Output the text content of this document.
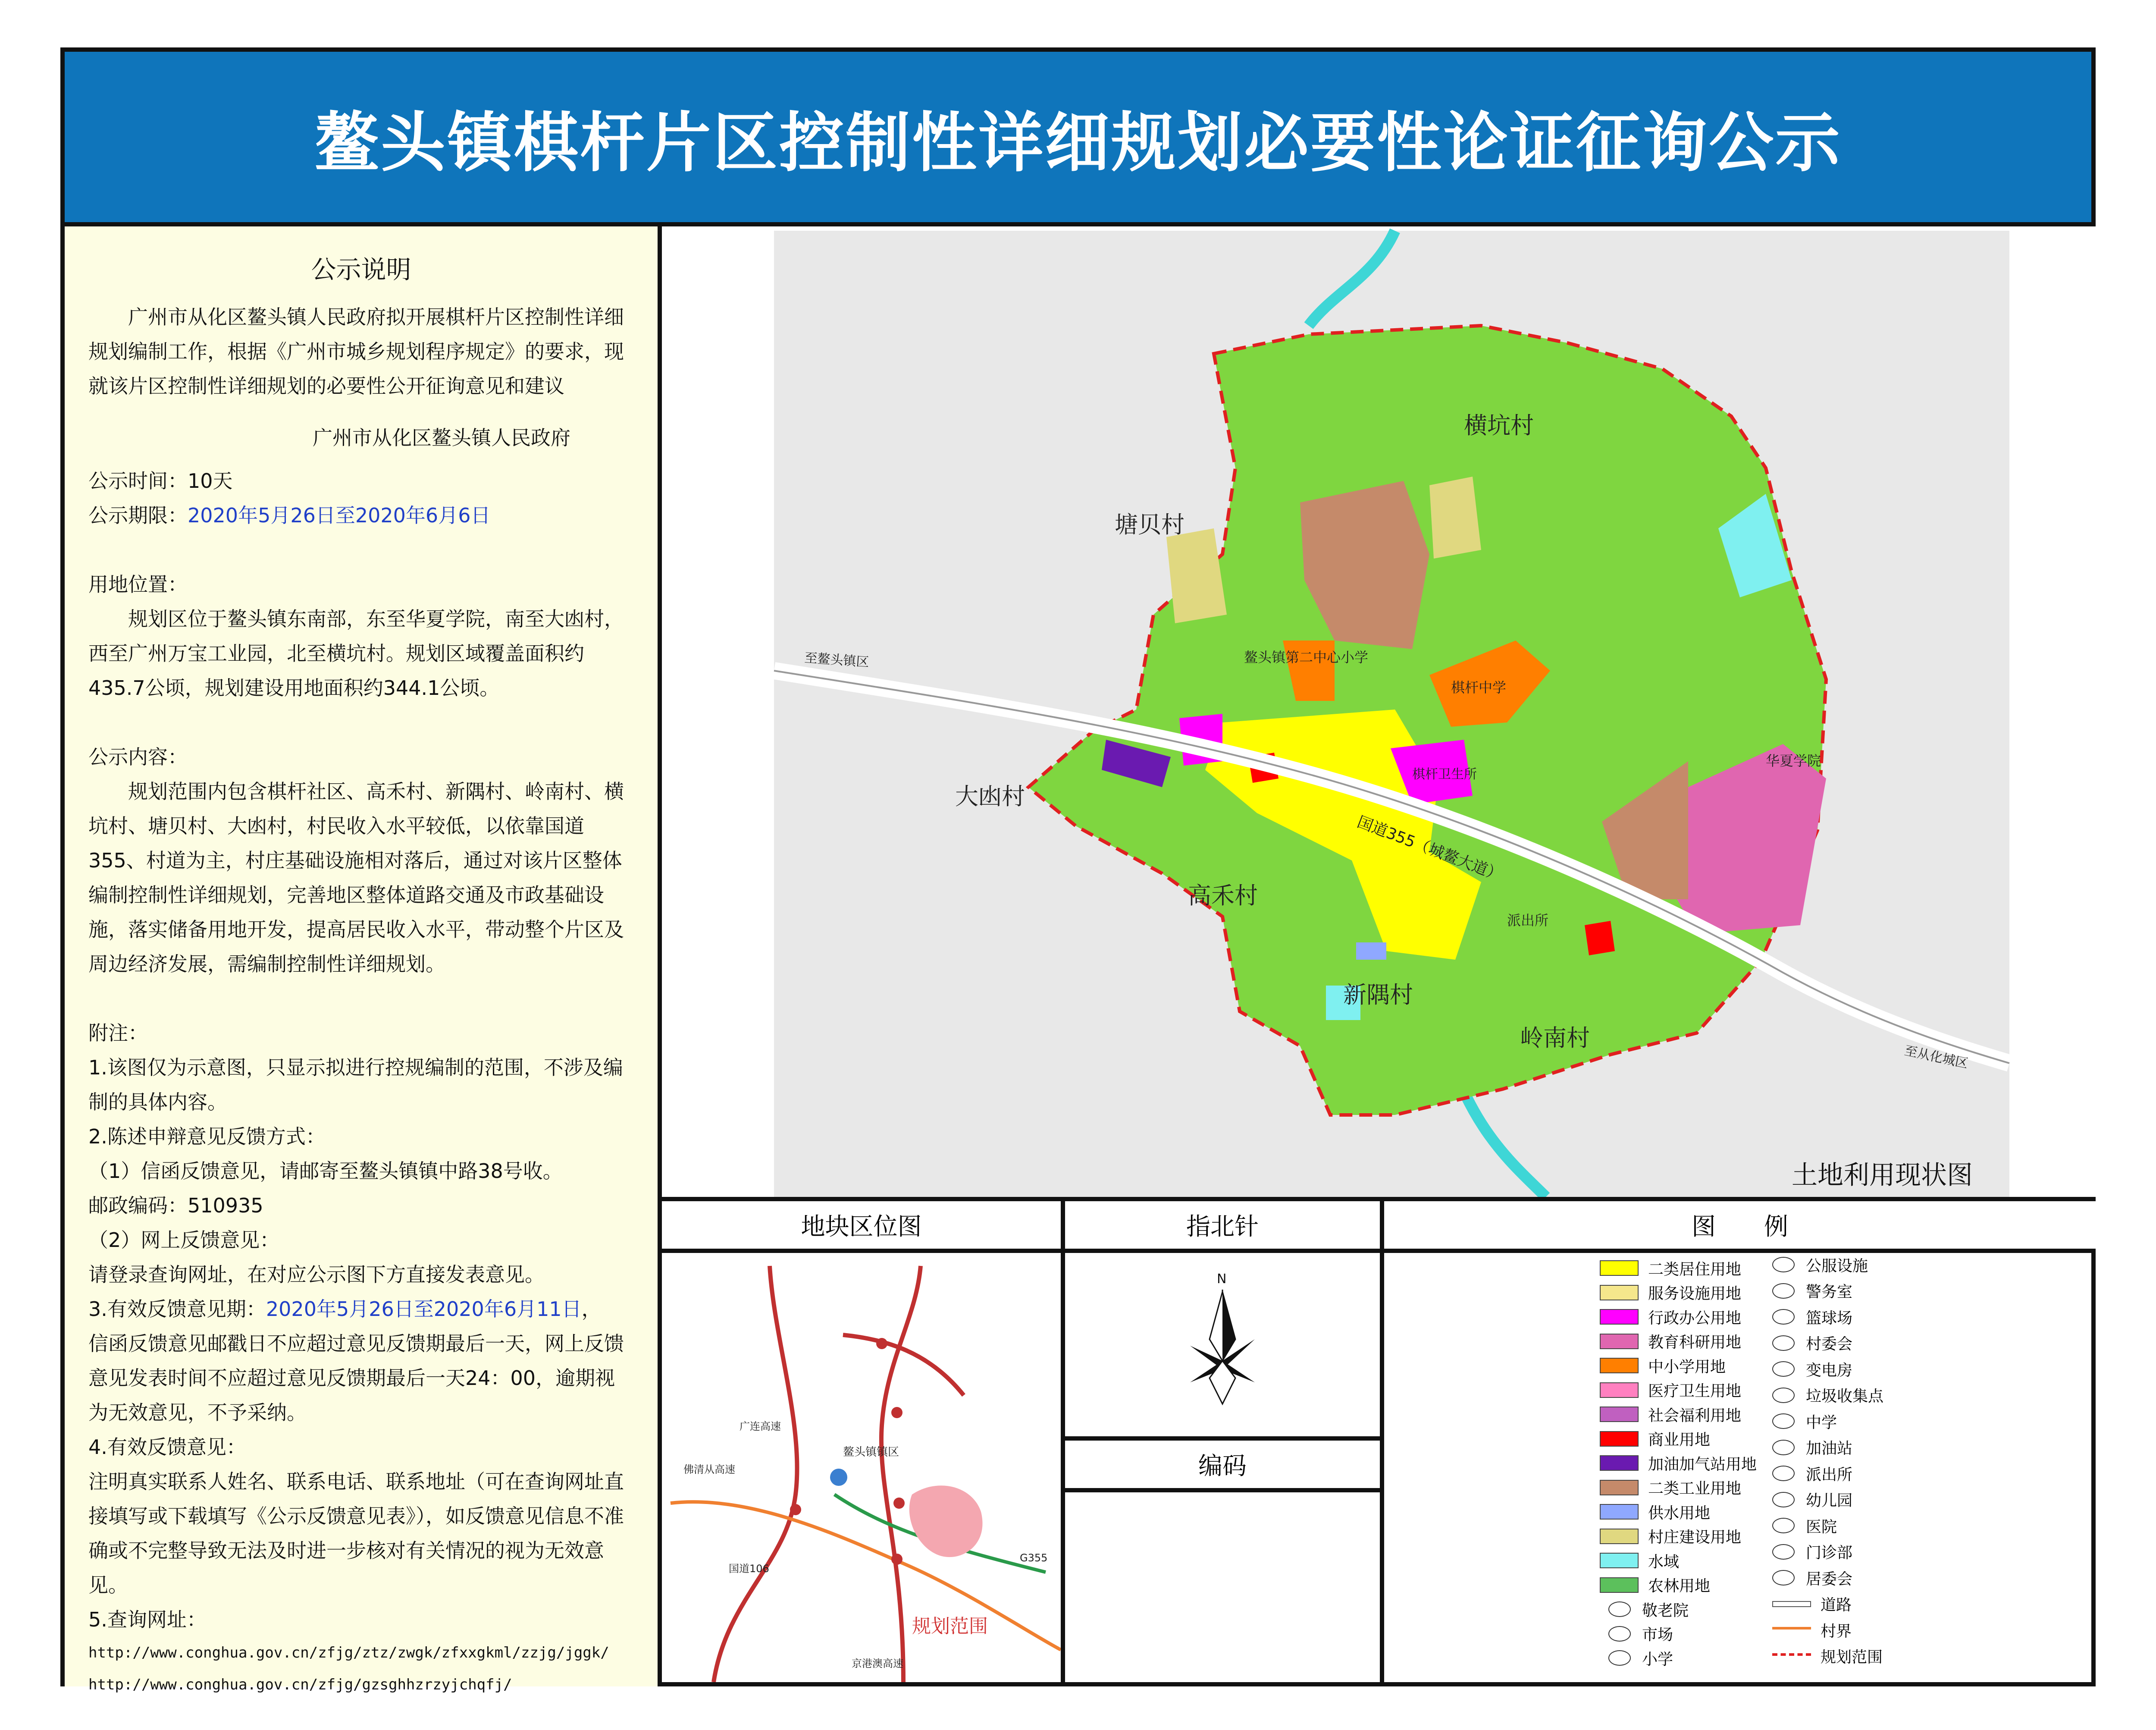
鳌头镇棋杆片区控制性详细规划必要性论证征询公示

公示说明

广州市从化区鳌头镇人民政府拟开展棋杆片区控制性详细规划编制工作，根据《广州市城乡规划程序规定》的要求，现就该片区控制性详细规划的必要性公开征询意见和建议

广州市从化区鳌头镇人民政府

公示时间：10天

公示期限：2020年5月26日至2020年6月6日

用地位置：

规划区位于鳌头镇东南部，东至华夏学院，南至大凼村，西至广州万宝工业园，北至横坑村。规划区域覆盖面积约435.7公顷，规划建设用地面积约344.1公顷。

公示内容：

规划范围内包含棋杆社区、高禾村、新隅村、岭南村、横坑村、塘贝村、大凼村，村民收入水平较低，以依靠国道355、村道为主，村庄基础设施相对落后，通过对该片区整体编制控制性详细规划，完善地区整体道路交通及市政基础设施，落实储备用地开发，提高居民收入水平，带动整个片区及周边经济发展，需编制控制性详细规划。

附注：

1.该图仅为示意图，只显示拟进行控规编制的范围，不涉及编制的具体内容。

2.陈述申辩意见反馈方式：

（1）信函反馈意见，请邮寄至鳌头镇镇中路38号收。

邮政编码：510935

（2）网上反馈意见：

请登录查询网址，在对应公示图下方直接发表意见。

3.有效反馈意见期：2020年5月26日至2020年6月11日，

信函反馈意见邮戳日不应超过意见反馈期最后一天，网上反馈意见发表时间不应超过意见反馈期最后一天24：00，逾期视为无效意见，不予采纳。

4.有效反馈意见：

注明真实联系人姓名、联系电话、联系地址（可在查询网址直接填写或下载填写《公示反馈意见表》），如反馈意见信息不准确或不完整导致无法及时进一步核对有关情况的视为无效意见。

5.查询网址：

http://www.conghua.gov.cn/zfjg/ztz/zwgk/zfxxgkml/zzjg/jggk/

http://www.conghua.gov.cn/zfjg/gzsghhzrzyjchqfj/

横坑村
塘贝村
大凼村
高禾村
新隅村
岭南村
鳌头镇第二中心小学
棋杆中学
棋杆卫生所
华夏学院
派出所
国道355（城鳌大道）
至鳌头镇区
至从化城区
土地利用现状图
地块区位图
广连高速
鳌头镇镇区
佛清从高速
G355
国道106
规划范围
京港澳高速
指北针
N
编码
图　　例
二类居住用地
服务设施用地
行政办公用地
教育科研用地
中小学用地
医疗卫生用地
社会福利用地
商业用地
加油加气站用地
二类工业用地
供水用地
村庄建设用地
水域
农林用地
敬老院
市场
小学
公服设施
警务室
篮球场
村委会
变电房
垃圾收集点
中学
加油站
派出所
幼儿园
医院
门诊部
居委会
道路
村界
规划范围
